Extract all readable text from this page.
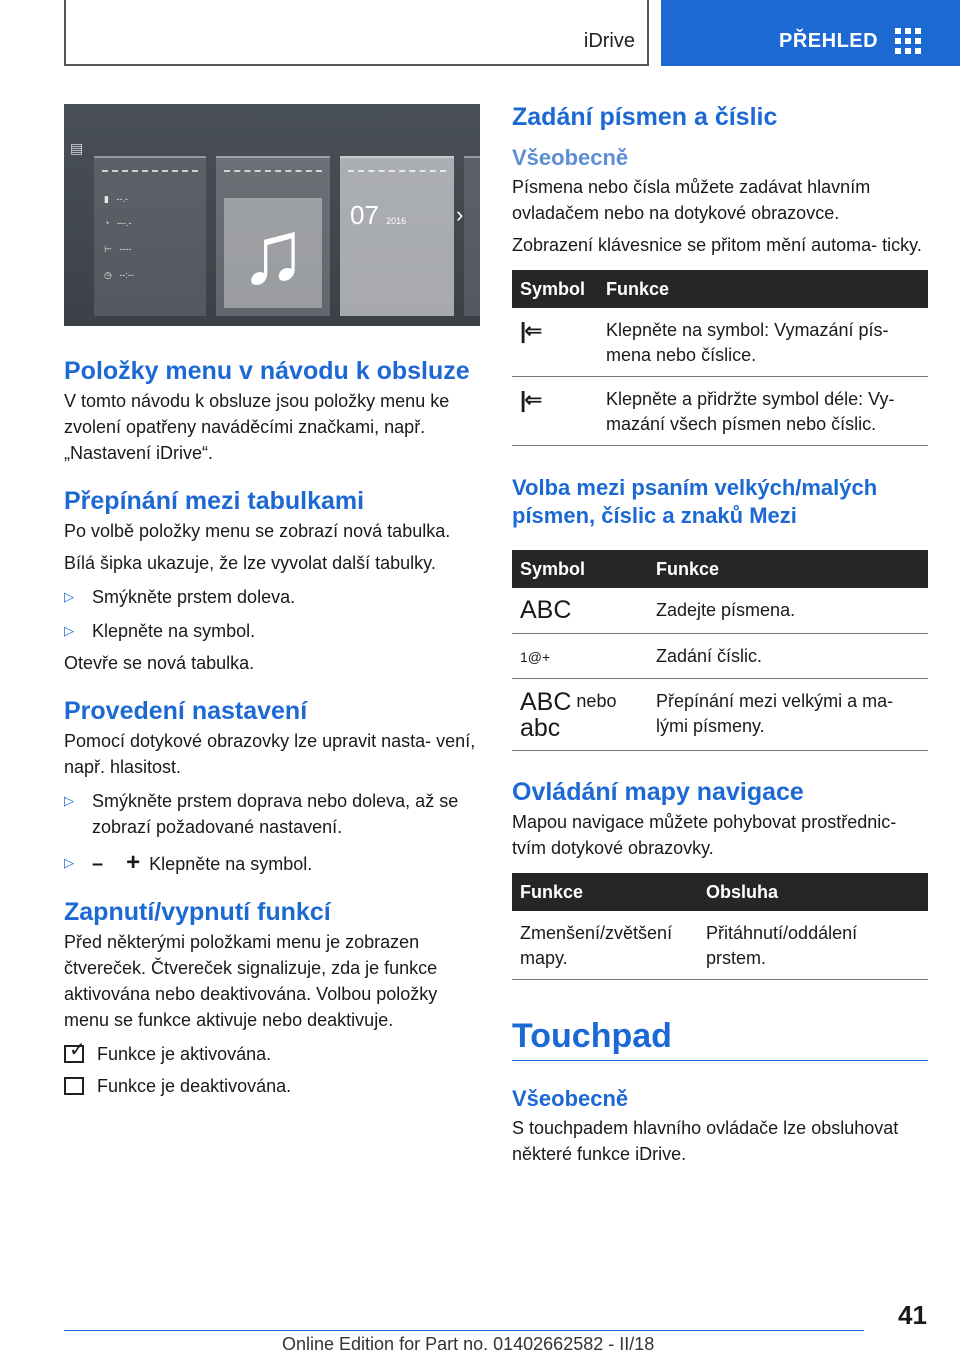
iDrive	PŘEHLED
▤
▮   --.-
◔   ---.-
⊢   ----
◷   --:-- ♫	07 2016 ›
Položky menu v návodu k obsluze

V tomto návodu k obsluze jsou položky menu ke zvolení opatřeny naváděcími značkami, např. „Nastavení iDrive“.

Přepínání mezi tabulkami

Po volbě položky menu se zobrazí nová tabulka.

Bílá šipka ukazuje, že lze vyvolat další tabulky.

▷ Smýkněte prstem doleva.
▷ Klepněte na symbol.

Otevře se nová tabulka.

Provedení nastavení

Pomocí dotykové obrazovky lze upravit nasta- vení, např. hlasitost.

▷ Smýkněte prstem doprava nebo doleva, až se zobrazí požadované nastavení.
▷ – + Klepněte na symbol.
Zapnutí/vypnutí funkcí

Před některými položkami menu je zobrazen čtvereček. Čtvereček signalizuje, zda je funkce aktivována nebo deaktivována. Volbou položky menu se funkce aktivuje nebo deaktivuje.

✓ Funkce je aktivována.

Funkce je deaktivována.

Zadání písmen a číslic
Všeobecně

Písmena nebo čísla můžete zadávat hlavním ovladačem nebo na dotykové obrazovce.

Zobrazení klávesnice se přitom mění automa- ticky.

Symbol	Funkce
|⇐	Klepněte na symbol: Vymazání pís- mena nebo číslice.
|⇐	Klepněte a přidržte symbol déle: Vy- mazání všech písmen nebo číslic.
Volba mezi psaním velkých/malých písmen, číslic a znaků Mezi
Symbol	Funkce
ABC	Zadejte písmena.
1@+	Zadání číslic.
ABC nebo
abc	Přepínání mezi velkými a ma- lými písmeny.
Ovládání mapy navigace

Mapou navigace můžete pohybovat prostřednic- tvím dotykové obrazovky.

Funkce	Obsluha
Zmenšení/zvětšení mapy.	Přitáhnutí/oddálení prstem.
Touchpad
Všeobecně

S touchpadem hlavního ovládače lze obsluhovat některé funkce iDrive.

41
Online Edition for Part no. 01402662582 - II/18
